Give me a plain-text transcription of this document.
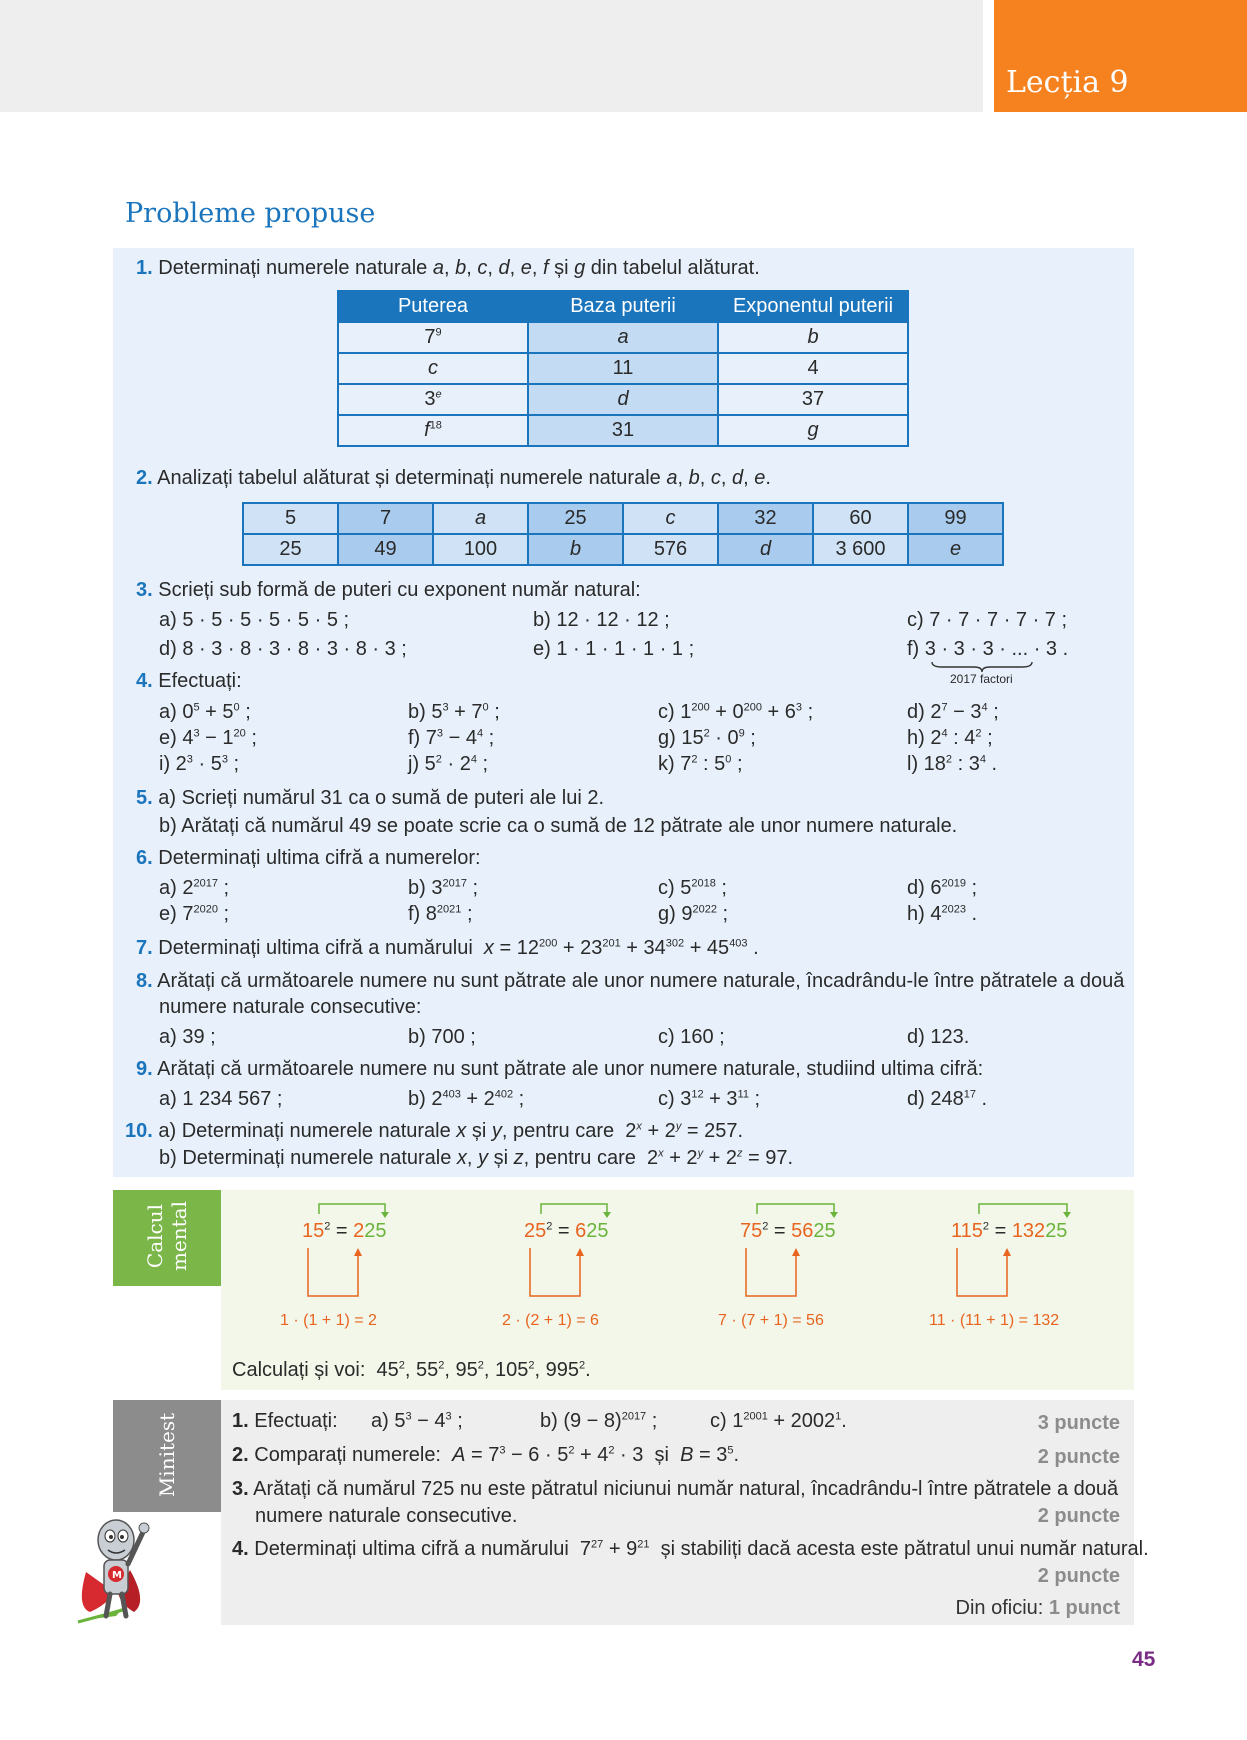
Lecția 9
Probleme propuse
1. Determinați numerele naturale a, b, c, d, e, f și g din tabelul alăturat.
Puterea	Baza puterii	Exponentul puterii
$7^9$	a	b
c	11	4
3e	d	37
$f^{18}$	31	g
2. Analizați tabelul alăturat și determinați numerele naturale a, b, c, d, e.
5	7	a	25	c	32	60	99
25	49	100	b	576	d	3 600	e
3. Scrieți sub formă de puteri cu exponent număr natural:
a) 5 · 5 · 5 · 5 · 5 · 5 ;	b) 12 · 12 · 12 ;	c) 7 · 7 · 7 · 7 · 7 ;
d) 8 · 3 · 8 · 3 · 8 · 3 · 8 · 3 ;	e) 1 · 1 · 1 · 1 · 1 ;	f) 3 · 3 · 3 · ... · 3 .
2017 factori
4. Efectuați:
a) $0^5 + 5^0$ ;	b) $5^3 + 7^0$ ;	c) $1^{200} + 0^{200} + 6^3$ ;	d) $2^7 - 3^4$ ;
e) $4^3 - 1^{20}$ ;	f) $7^3 - 4^4$ ;	g) $15^2 \cdot 0^9$ ;	h) $2^4$ : $4^2$ ;
i) $2^3 \cdot 5^3$ ;	j) $5^2 \cdot 2^4$ ;	k) $7^2$ : $5^0$ ;	l) $18^2$ : $3^4$ .
5. a) Scrieți numărul 31 ca o sumă de puteri ale lui 2.
b) Arătați că numărul 49 se poate scrie ca o sumă de 12 pătrate ale unor numere naturale.
6. Determinați ultima cifră a numerelor:
a) $2^{2017}$ ;	b) $3^{2017}$ ;	c) $5^{2018}$ ;	d) $6^{2019}$ ;
e) $7^{2020}$ ;	f) $8^{2021}$ ;	g) $9^{2022}$ ;	h) $4^{2023}$ .
7. Determinați ultima cifră a numărului  $x = 12^{200} + 23^{201} + 34^{302} + 45^{403}$ .
8. Arătați că următoarele numere nu sunt pătrate ale unor numere naturale, încadrându-le între pătratele a două
numere naturale consecutive:
a) 39 ;	b) 700 ;	c) 160 ;	d) 123.
9. Arătați că următoarele numere nu sunt pătrate ale unor numere naturale, studiind ultima cifră:
a) 1 234 567 ;	b) $2^{403} + 2^{402}$ ;	c) $3^{12} + 3^{11}$ ;	d) $248^{17}$ .
10. a) Determinați numerele naturale x și y, pentru care  $2^x + 2^y = 257$.
b) Determinați numerele naturale x, y și z, pentru care  $2^x + 2^y + 2^z = 97$.
Calcul mental	$15^2 = 225$
1 · (1 + 1) = 2
$25^2 = 625$
2 · (2 + 1) = 6
$75^2 = 5625$
7 · (7 + 1) = 56
$115^2 = 13225$
11 · (11 + 1) = 132
Calculați și voi:  $45^2$, $55^2$, $95^2$, $105^2$, $995^2$.
Minitest	1. Efectuați: a) $5^3 - 4^3$ ;	b) $(9 - 8)^{2017}$ ;	c) $1^{2001} + 2002^1$.	3 puncte
2. Comparați numerele:  $A = 7^3 - 6 \cdot 5^2 + 4^2 \cdot 3$  și  $B = 3^5$.	2 puncte
3. Arătați că numărul 725 nu este pătratul niciunui număr natural, încadrându-l între pătratele a două
numere naturale consecutive.	2 puncte
4. Determinați ultima cifră a numărului  $7^{27} + 9^{21}$  și stabiliți dacă acesta este pătratul unui număr natural.
2 puncte
Din oficiu: 1 punct
M
45
